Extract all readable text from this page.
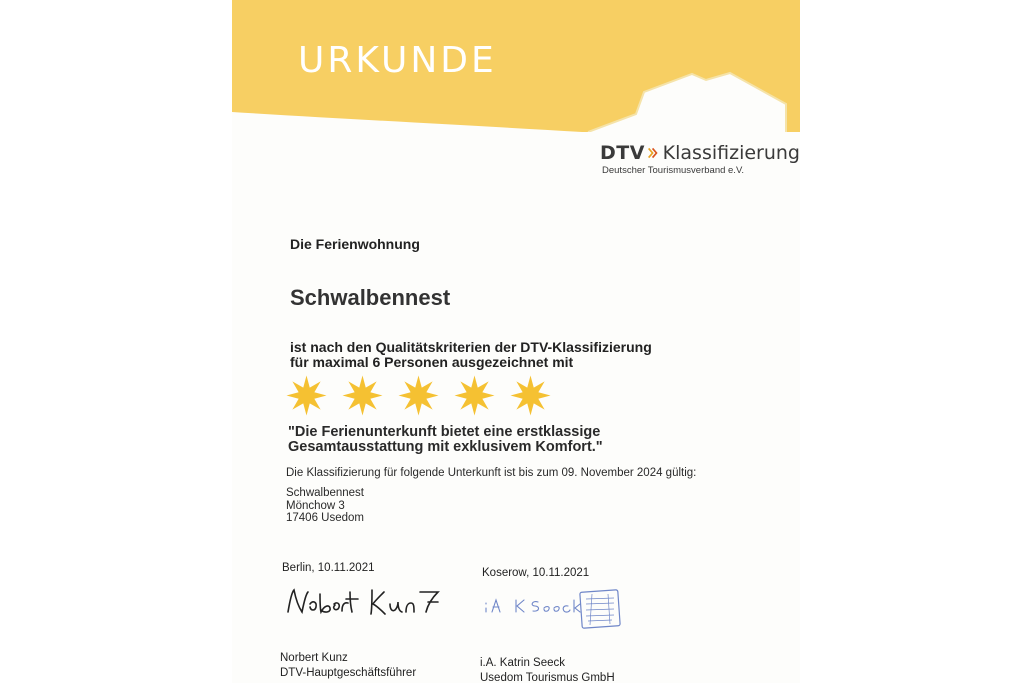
URKUNDE
DTV Klassifizierung
Deutscher Tourismusverband e.V.

Die Ferienwohnung

Schwalbennest

ist nach den Qualitätskriterien der DTV-Klassifizierung
für maximal 6 Personen ausgezeichnet mit
"Die Ferienunterkunft bietet eine erstklassige
Gesamtausstattung mit exklusivem Komfort."

Die Klassifizierung für folgende Unterkunft ist bis zum 09. November 2024 gültig:

Schwalbennest
Mönchow 3
17406 Usedom

Berlin, 10.11.2021	Koserow, 10.11.2021

Norbert Kunz
DTV-Hauptgeschäftsführer
i.A. Katrin Seeck
Usedom Tourismus GmbH
